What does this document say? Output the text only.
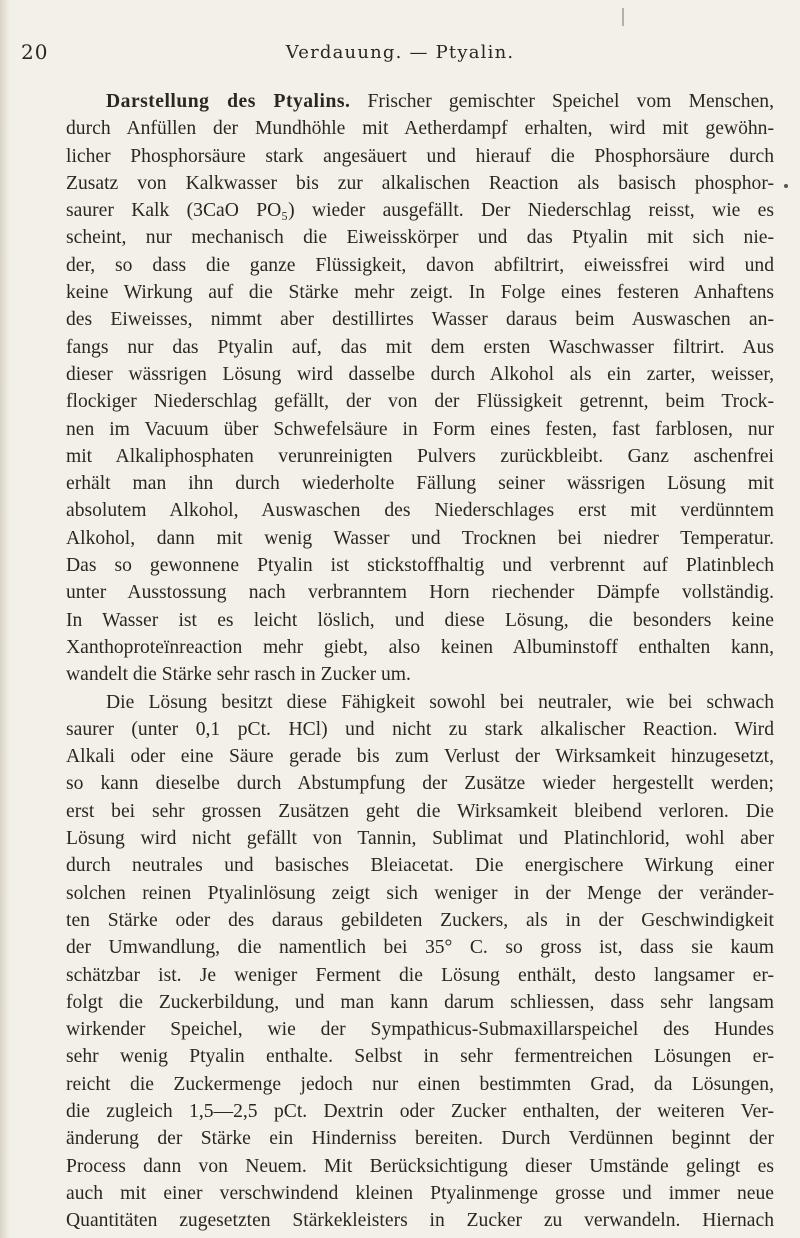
20	Verdauung. — Ptyalin.
Darstellung des Ptyalins. Frischer gemischter Speichel vom Menschen,
durch Anfüllen der Mundhöhle mit Aetherdampf erhalten, wird mit gewöhn-
licher Phosphorsäure stark angesäuert und hierauf die Phosphorsäure durch
Zusatz von Kalkwasser bis zur alkalischen Reaction als basisch phosphor-
saurer Kalk (3CaO PO₅) wieder ausgefällt. Der Niederschlag reisst, wie es
scheint, nur mechanisch die Eiweisskörper und das Ptyalin mit sich nie-
der, so dass die ganze Flüssigkeit, davon abfiltrirt, eiweissfrei wird und
keine Wirkung auf die Stärke mehr zeigt. In Folge eines festeren Anhaftens
des Eiweisses, nimmt aber destillirtes Wasser daraus beim Auswaschen an-
fangs nur das Ptyalin auf, das mit dem ersten Waschwasser filtrirt. Aus
dieser wässrigen Lösung wird dasselbe durch Alkohol als ein zarter, weisser,
flockiger Niederschlag gefällt, der von der Flüssigkeit getrennt, beim Trock-
nen im Vacuum über Schwefelsäure in Form eines festen, fast farblosen, nur
mit Alkaliphosphaten verunreinigten Pulvers zurückbleibt. Ganz aschenfrei
erhält man ihn durch wiederholte Fällung seiner wässrigen Lösung mit
absolutem Alkohol, Auswaschen des Niederschlages erst mit verdünntem
Alkohol, dann mit wenig Wasser und Trocknen bei niedrer Temperatur.
Das so gewonnene Ptyalin ist stickstoffhaltig und verbrennt auf Platinblech
unter Ausstossung nach verbranntem Horn riechender Dämpfe vollständig.
In Wasser ist es leicht löslich, und diese Lösung, die besonders keine
Xanthoproteïnreaction mehr giebt, also keinen Albuminstoff enthalten kann,
wandelt die Stärke sehr rasch in Zucker um.
Die Lösung besitzt diese Fähigkeit sowohl bei neutraler, wie bei schwach
saurer (unter 0,1 pCt. HCl) und nicht zu stark alkalischer Reaction. Wird
Alkali oder eine Säure gerade bis zum Verlust der Wirksamkeit hinzugesetzt,
so kann dieselbe durch Abstumpfung der Zusätze wieder hergestellt werden;
erst bei sehr grossen Zusätzen geht die Wirksamkeit bleibend verloren. Die
Lösung wird nicht gefällt von Tannin, Sublimat und Platinchlorid, wohl aber
durch neutrales und basisches Bleiacetat. Die energischere Wirkung einer
solchen reinen Ptyalinlösung zeigt sich weniger in der Menge der veränder-
ten Stärke oder des daraus gebildeten Zuckers, als in der Geschwindigkeit
der Umwandlung, die namentlich bei 35° C. so gross ist, dass sie kaum
schätzbar ist. Je weniger Ferment die Lösung enthält, desto langsamer er-
folgt die Zuckerbildung, und man kann darum schliessen, dass sehr langsam
wirkender Speichel, wie der Sympathicus-Submaxillarspeichel des Hundes
sehr wenig Ptyalin enthalte. Selbst in sehr fermentreichen Lösungen er-
reicht die Zuckermenge jedoch nur einen bestimmten Grad, da Lösungen,
die zugleich 1,5—2,5 pCt. Dextrin oder Zucker enthalten, der weiteren Ver-
änderung der Stärke ein Hinderniss bereiten. Durch Verdünnen beginnt der
Process dann von Neuem. Mit Berücksichtigung dieser Umstände gelingt es
auch mit einer verschwindend kleinen Ptyalinmenge grosse und immer neue
Quantitäten zugesetzten Stärkekleisters in Zucker zu verwandeln. Hiernach
